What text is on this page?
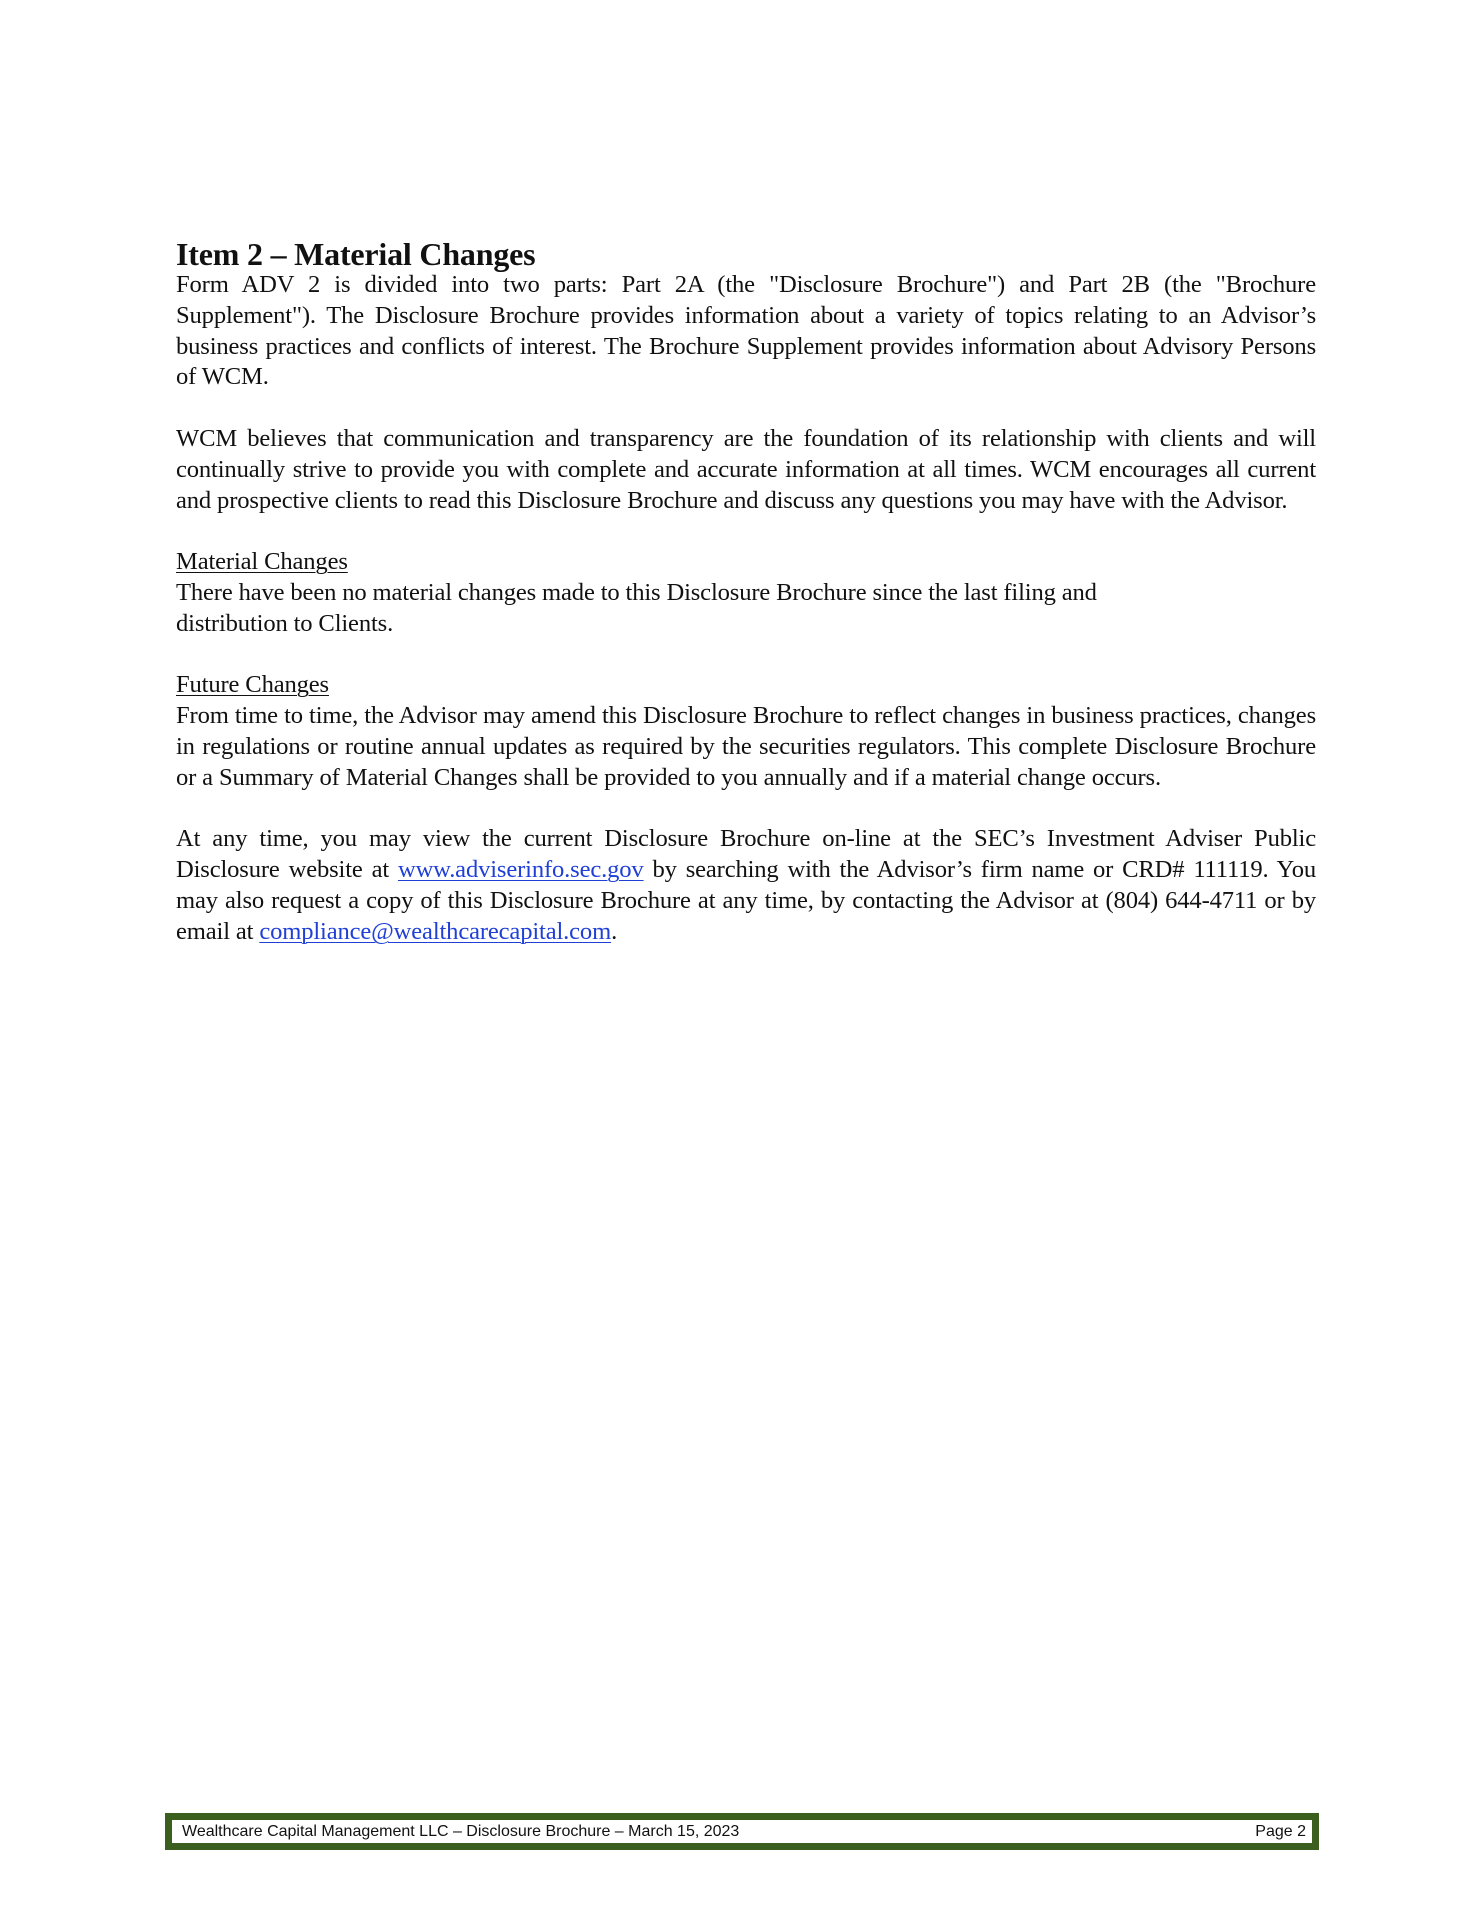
Item 2 – Material Changes

Form ADV 2 is divided into two parts: Part 2A (the "Disclosure Brochure") and Part 2B (the "Brochure Supplement"). The Disclosure Brochure provides information about a variety of topics relating to an Advisor’s business practices and conflicts of interest. The Brochure Supplement provides information about Advisory Persons of WCM.

WCM believes that communication and transparency are the foundation of its relationship with clients and will continually strive to provide you with complete and accurate information at all times. WCM encourages all current and prospective clients to read this Disclosure Brochure and discuss any questions you may have with the Advisor.

Material Changes

There have been no material changes made to this Disclosure Brochure since the last filing and
distribution to Clients.

Future Changes

From time to time, the Advisor may amend this Disclosure Brochure to reflect changes in business practices, changes in regulations or routine annual updates as required by the securities regulators. This complete Disclosure Brochure or a Summary of Material Changes shall be provided to you annually and if a material change occurs.

At any time, you may view the current Disclosure Brochure on-line at the SEC’s Investment Adviser Public Disclosure website at www.adviserinfo.sec.gov by searching with the Advisor’s firm name or CRD# 111119. You may also request a copy of this Disclosure Brochure at any time, by contacting the Advisor at (804) 644-4711 or by email at compliance@wealthcarecapital.com.

Wealthcare Capital Management LLC – Disclosure Brochure – March 15, 2023	Page 2
